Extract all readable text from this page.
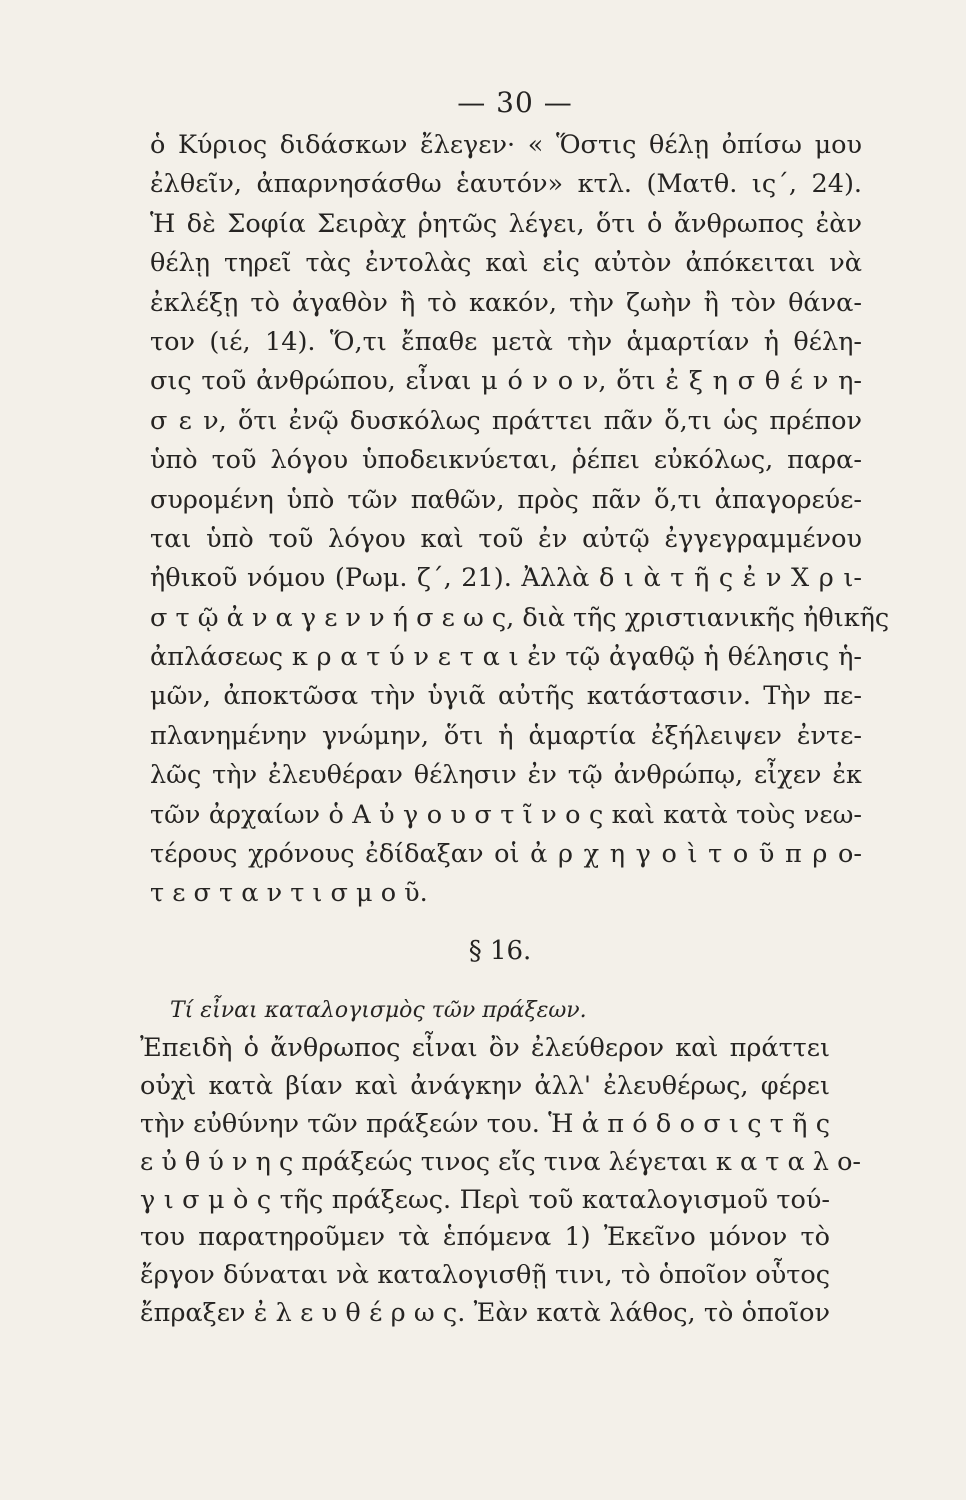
— 30 —
ὁ Κύριος διδάσκων ἔλεγεν· « Ὅστις θέλῃ ὀπίσω μου
ἐλθεῖν, ἀπαρνησάσθω ἑαυτόν» κτλ. (Ματθ. ις΄, 24).
Ἡ δὲ Σοφία Σειρὰχ ῥητῶς λέγει, ὅτι ὁ ἄνθρωπος ἐὰν
θέλῃ τηρεῖ τὰς ἐντολὰς καὶ εἰς αὐτὸν ἀπόκειται νὰ
ἐκλέξῃ τὸ ἀγαθὸν ἢ τὸ κακόν, τὴν ζωὴν ἢ τὸν θάνα-
τον (ιέ, 14). Ὅ,τι ἔπαθε μετὰ τὴν ἁμαρτίαν ἡ θέλη-
σις τοῦ ἀνθρώπου, εἶναι μ ό ν ο ν, ὅτι ἐ ξ η σ θ έ ν η-
σ ε ν, ὅτι ἐνῷ δυσκόλως πράττει πᾶν ὅ,τι ὡς πρέπον
ὑπὸ τοῦ λόγου ὑποδεικνύεται, ῥέπει εὐκόλως, παρα-
συρομένη ὑπὸ τῶν παθῶν, πρὸς πᾶν ὅ,τι ἀπαγορεύε-
ται ὑπὸ τοῦ λόγου καὶ τοῦ ἐν αὐτῷ ἐγγεγραμμένου
ἠθικοῦ νόμου (Ρωμ. ζ΄, 21). Ἀλλὰ δ ι ὰ τ ῆ ς ἐ ν Χ ρ ι-
σ τ ῷ ἀ ν α γ ε ν ν ή σ ε ω ς, διὰ τῆς χριστιανικῆς ἠθικῆς
ἀπλάσεως κ ρ α τ ύ ν ε τ α ι ἐν τῷ ἀγαθῷ ἡ θέλησις ἡ-
μῶν, ἀποκτῶσα τὴν ὑγιᾶ αὐτῆς κατάστασιν. Τὴν πε-
πλανημένην γνώμην, ὅτι ἡ ἁμαρτία ἐξήλειψεν ἐντε-
λῶς τὴν ἐλευθέραν θέλησιν ἐν τῷ ἀνθρώπῳ, εἶχεν ἐκ
τῶν ἀρχαίων ὁ Α ὐ γ ο υ σ τ ῖ ν ο ς καὶ κατὰ τοὺς νεω-
τέρους χρόνους ἐδίδαξαν οἱ ἀ ρ χ η γ ο ὶ τ ο ῦ π ρ ο-
τ ε σ τ α ν τ ι σ μ ο ῦ.
§ 16.
Τί εἶναι καταλογισμὸς τῶν πράξεων.
Ἐπειδὴ ὁ ἄνθρωπος εἶναι ὂν ἐλεύθερον καὶ πράττει
οὐχὶ κατὰ βίαν καὶ ἀνάγκην ἀλλ' ἐλευθέρως, φέρει
τὴν εὐθύνην τῶν πράξεών του. Ἡ ἀ π ό δ ο σ ι ς τ ῆ ς
ε ὐ θ ύ ν η ς πράξεώς τινος εἴς τινα λέγεται κ α τ α λ ο-
γ ι σ μ ὸ ς τῆς πράξεως. Περὶ τοῦ καταλογισμοῦ τού-
του παρατηροῦμεν τὰ ἑπόμενα 1) Ἐκεῖνο μόνον τὸ
ἔργον δύναται νὰ καταλογισθῇ τινι, τὸ ὁποῖον οὗτος
ἔπραξεν ἐ λ ε υ θ έ ρ ω ς. Ἐὰν κατὰ λάθος, τὸ ὁποῖον
